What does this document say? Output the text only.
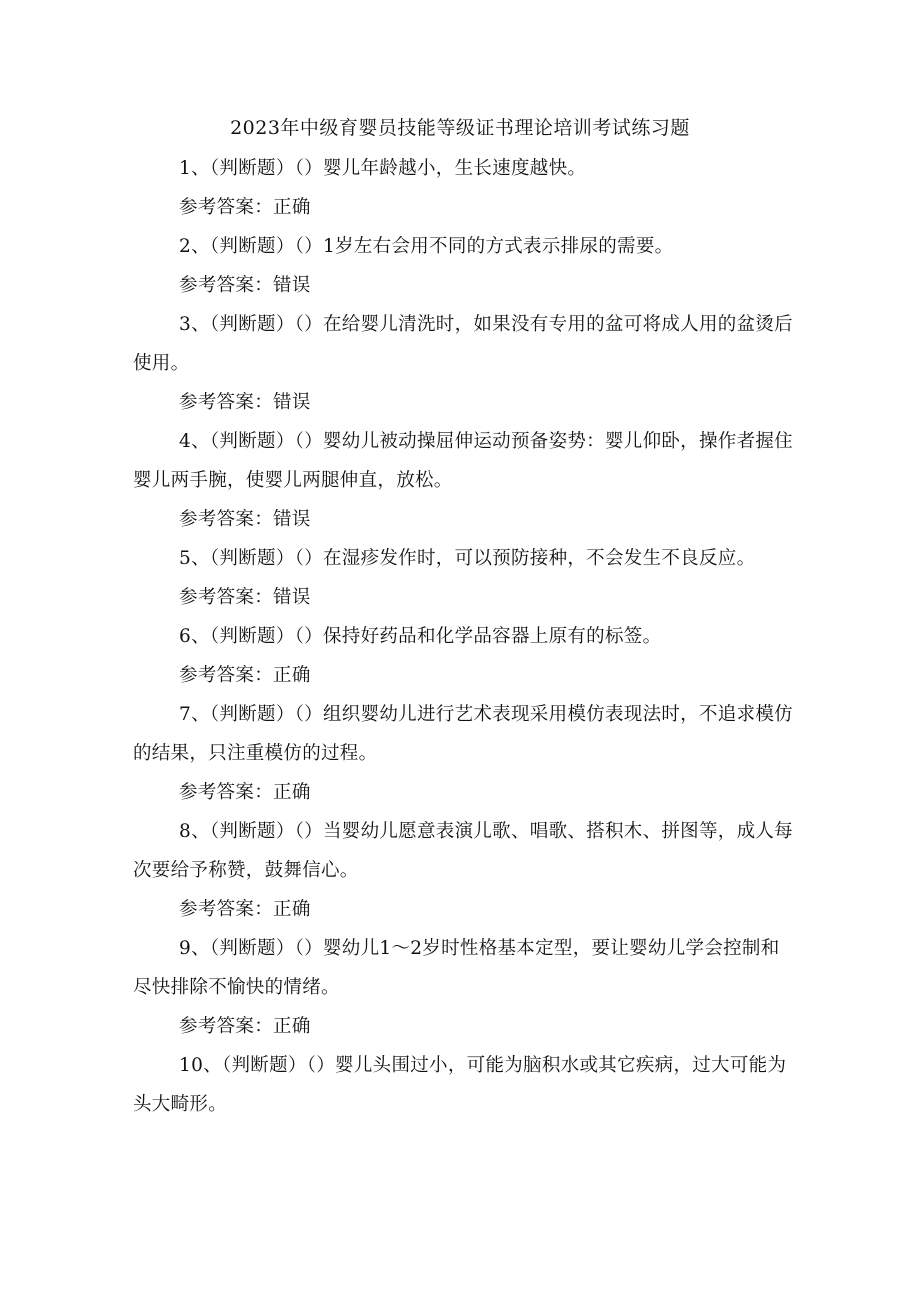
2023年中级育婴员技能等级证书理论培训考试练习题

1、（判断题）（）婴儿年龄越小，生长速度越快。

参考答案：正确

2、（判断题）（）1岁左右会用不同的方式表示排尿的需要。

参考答案：错误

3、（判断题）（）在给婴儿清洗时，如果没有专用的盆可将成人用的盆烫后使用。

参考答案：错误

4、（判断题）（）婴幼儿被动操屈伸运动预备姿势：婴儿仰卧，操作者握住婴儿两手腕，使婴儿两腿伸直，放松。

参考答案：错误

5、（判断题）（）在湿疹发作时，可以预防接种，不会发生不良反应。

参考答案：错误

6、（判断题）（）保持好药品和化学品容器上原有的标签。

参考答案：正确

7、（判断题）（）组织婴幼儿进行艺术表现采用模仿表现法时，不追求模仿的结果，只注重模仿的过程。

参考答案：正确

8、（判断题）（）当婴幼儿愿意表演儿歌、唱歌、搭积木、拼图等，成人每次要给予称赞，鼓舞信心。

参考答案：正确

9、（判断题）（）婴幼儿1～2岁时性格基本定型，要让婴幼儿学会控制和尽快排除不愉快的情绪。

参考答案：正确

10、（判断题）（）婴儿头围过小，可能为脑积水或其它疾病，过大可能为头大畸形。
